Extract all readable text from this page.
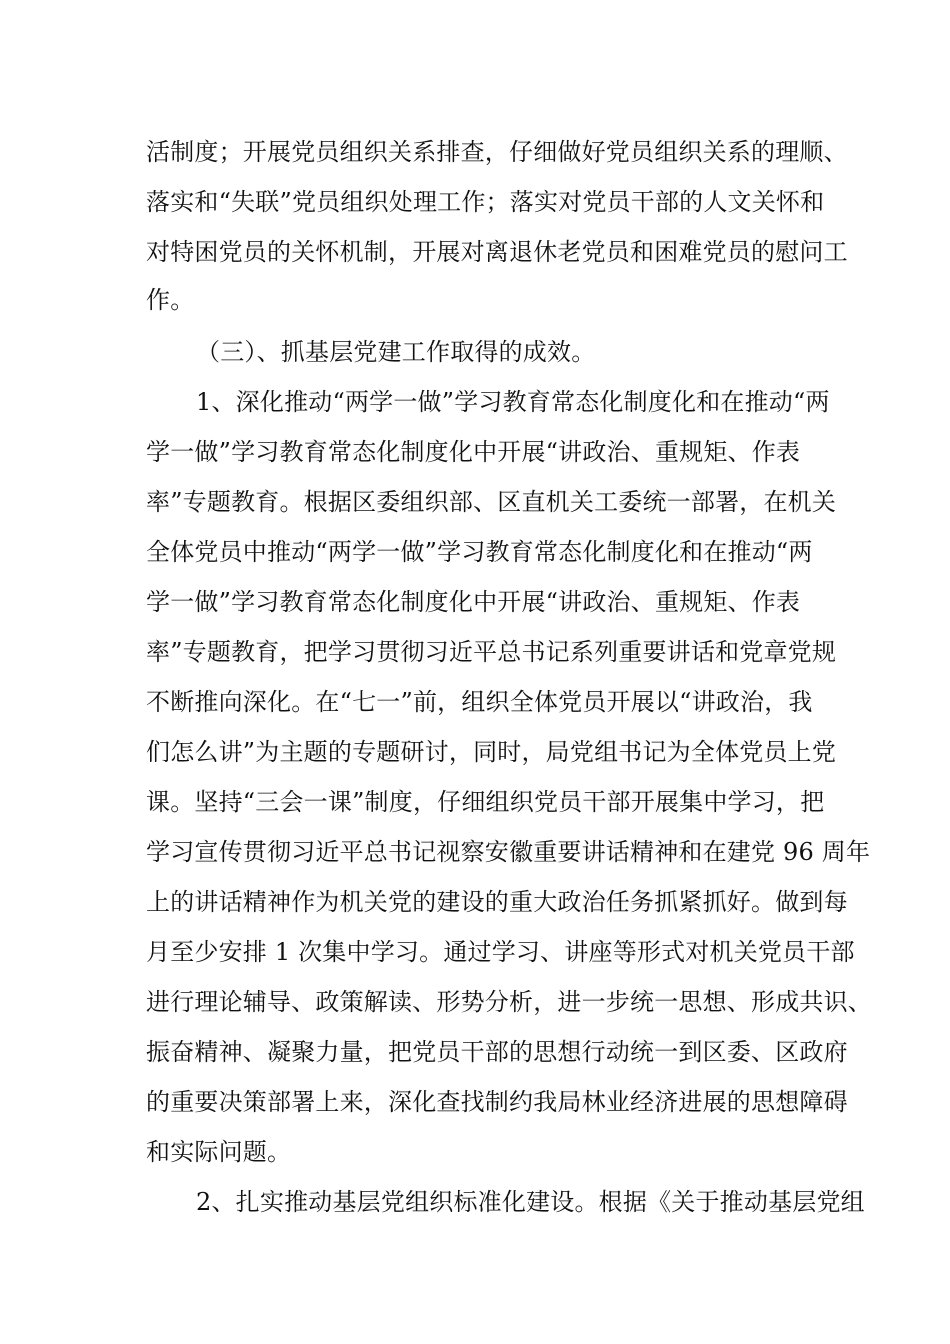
活制度；开展党员组织关系排查，仔细做好党员组织关系的理顺、
落实和“失联”党员组织处理工作；落实对党员干部的人文关怀和
对特困党员的关怀机制，开展对离退休老党员和困难党员的慰问工
作。
（三）、抓基层党建工作取得的成效。
1、深化推动“两学一做”学习教育常态化制度化和在推动“两
学一做”学习教育常态化制度化中开展“讲政治、重规矩、作表
率”专题教育。根据区委组织部、区直机关工委统一部署，在机关
全体党员中推动“两学一做”学习教育常态化制度化和在推动“两
学一做”学习教育常态化制度化中开展“讲政治、重规矩、作表
率”专题教育，把学习贯彻习近平总书记系列重要讲话和党章党规
不断推向深化。在“七一”前，组织全体党员开展以“讲政治，我
们怎么讲”为主题的专题研讨，同时，局党组书记为全体党员上党
课。坚持“三会一课”制度，仔细组织党员干部开展集中学习，把
学习宣传贯彻习近平总书记视察安徽重要讲话精神和在建党 96 周年
上的讲话精神作为机关党的建设的重大政治任务抓紧抓好。做到每
月至少安排 1 次集中学习。通过学习、讲座等形式对机关党员干部
进行理论辅导、政策解读、形势分析，进一步统一思想、形成共识、
振奋精神、凝聚力量，把党员干部的思想行动统一到区委、区政府
的重要决策部署上来，深化查找制约我局林业经济进展的思想障碍
和实际问题。
2、扎实推动基层党组织标准化建设。根据《关于推动基层党组
